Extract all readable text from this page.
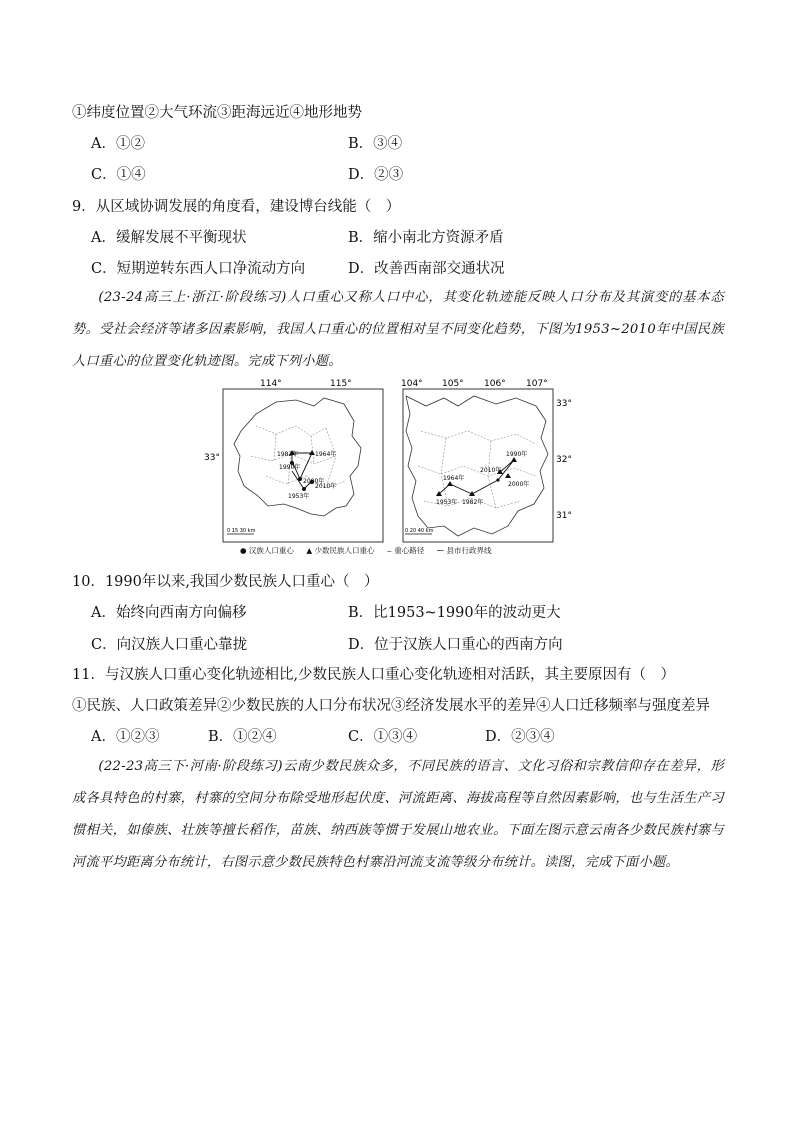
①纬度位置②大气环流③距海远近④地形地势
A．①②	B．③④
C．①④	D．②③
9．从区域协调发展的角度看，建设博台线能（　）
A．缓解发展不平衡现状	B．缩小南北方资源矛盾
C．短期逆转东西人口净流动方向	D．改善西南部交通状况
(23-24高三上·浙江·阶段练习)人口重心又称人口中心，其变化轨迹能反映人口分布及其演变的基本态势。受社会经济等诸多因素影响，我国人口重心的位置相对呈不同变化趋势，下图为1953~2010年中国民族人口重心的位置变化轨迹图。完成下列小题。
114°	115°
33°	1982年	1964年
1990年
2000年
2010年
1953年
0 15 30 km
104° 105° 106° 107°
33°
32°
31°
1990年
2010年
2000年
1964年
1953年 1982年
0 20 40 km
● 汉族人口重心 ▲ 少数民族人口重心 ⌣ 重心路径 ⁓ 县市行政界线
10．1990年以来,我国少数民族人口重心（　）
A．始终向西南方向偏移	B．比1953~1990年的波动更大
C．向汉族人口重心靠拢	D．位于汉族人口重心的西南方向
11．与汉族人口重心变化轨迹相比,少数民族人口重心变化轨迹相对活跃，其主要原因有（　）
①民族、人口政策差异②少数民族的人口分布状况③经济发展水平的差异④人口迁移频率与强度差异
A．①②③	B．①②④	C．①③④	D．②③④
(22-23高三下·河南·阶段练习)云南少数民族众多，不同民族的语言、文化习俗和宗教信仰存在差异，形成各具特色的村寨，村寨的空间分布除受地形起伏度、河流距离、海拔高程等自然因素影响，也与生活生产习惯相关，如傣族、壮族等擅长稻作，苗族、纳西族等惯于发展山地农业。下面左图示意云南各少数民族村寨与河流平均距离分布统计，右图示意少数民族特色村寨沿河流支流等级分布统计。读图，完成下面小题。
